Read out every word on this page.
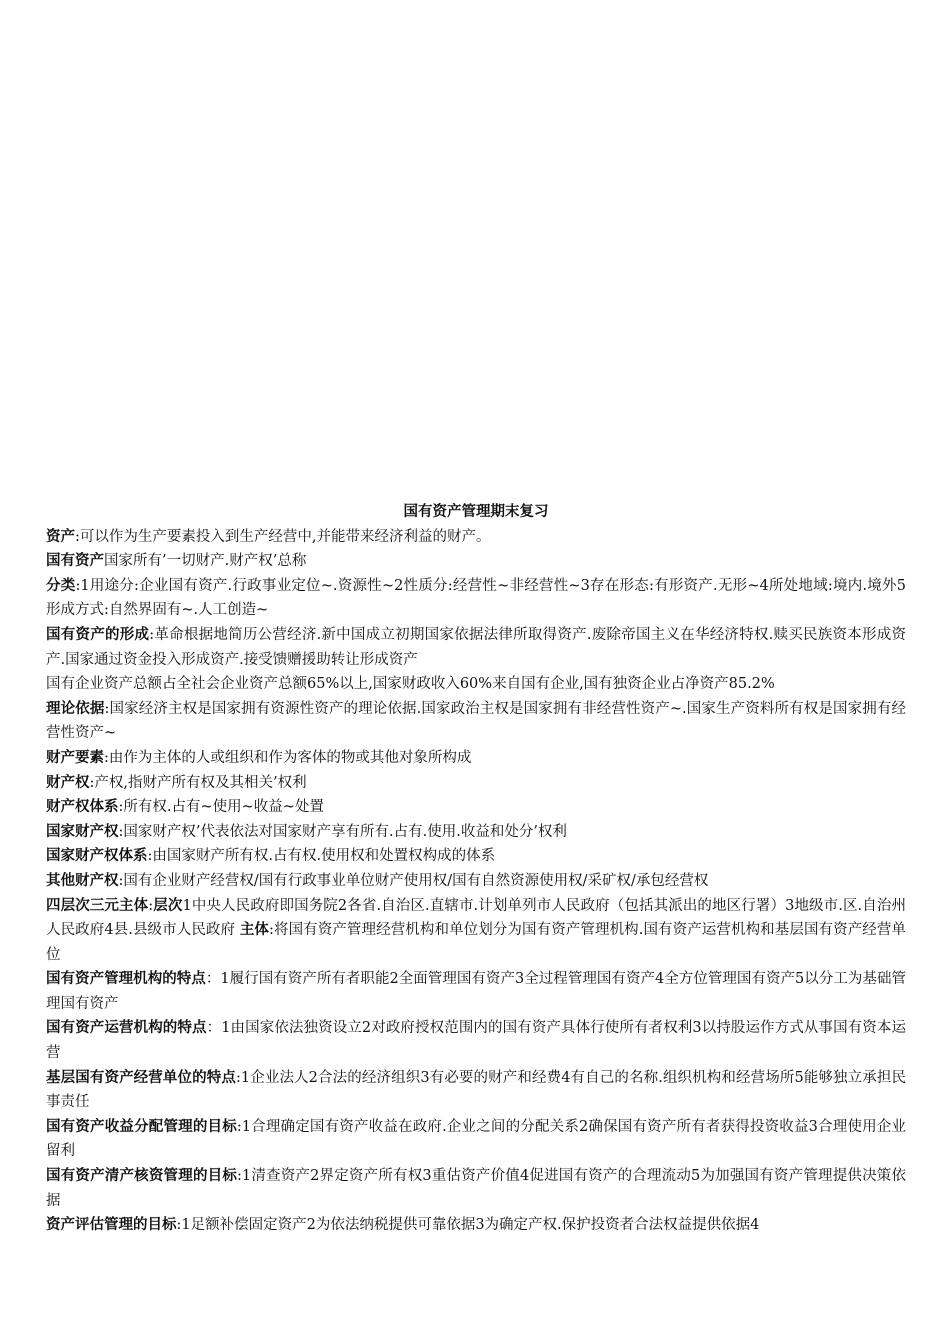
国有资产管理期末复习

资产:可以作为生产要素投入到生产经营中,并能带来经济利益的财产。

国有资产国家所有’一切财产.财产权’总称

分类:1用途分:企业国有资产.行政事业定位~.资源性~2性质分:经营性~非经营性~3存在形态:有形资产.无形~4所处地域:境内.境外5形成方式:自然界固有~.人工创造~

国有资产的形成:革命根据地简历公营经济.新中国成立初期国家依据法律所取得资产.废除帝国主义在华经济特权.赎买民族资本形成资产.国家通过资金投入形成资产.接受馈赠援助转让形成资产

国有企业资产总额占全社会企业资产总额65%以上,国家财政收入60%来自国有企业,国有独资企业占净资产85.2%

理论依据:国家经济主权是国家拥有资源性资产的理论依据.国家政治主权是国家拥有非经营性资产~.国家生产资料所有权是国家拥有经营性资产~

财产要素:由作为主体的人或组织和作为客体的物或其他对象所构成

财产权:产权,指财产所有权及其相关’权利

财产权体系:所有权.占有~使用~收益~处置

国家财产权:国家财产权’代表依法对国家财产享有所有.占有.使用.收益和处分’权利

国家财产权体系:由国家财产所有权.占有权.使用权和处置权构成的体系

其他财产权:国有企业财产经营权/国有行政事业单位财产使用权/国有自然资源使用权/采矿权/承包经营权

四层次三元主体:层次1中央人民政府即国务院2各省.自治区.直辖市.计划单列市人民政府（包括其派出的地区行署）3地级市.区.自治州人民政府4县.县级市人民政府 主体:将国有资产管理经营机构和单位划分为国有资产管理机构.国有资产运营机构和基层国有资产经营单位

国有资产管理机构的特点：1履行国有资产所有者职能2全面管理国有资产3全过程管理国有资产4全方位管理国有资产5以分工为基础管理国有资产

国有资产运营机构的特点：1由国家依法独资设立2对政府授权范围内的国有资产具体行使所有者权利3以持股运作方式从事国有资本运营

基层国有资产经营单位的特点:1企业法人2合法的经济组织3有必要的财产和经费4有自己的名称.组织机构和经营场所5能够独立承担民事责任

国有资产收益分配管理的目标:1合理确定国有资产收益在政府.企业之间的分配关系2确保国有资产所有者获得投资收益3合理使用企业留利

国有资产清产核资管理的目标:1清查资产2界定资产所有权3重估资产价值4促进国有资产的合理流动5为加强国有资产管理提供决策依据

资产评估管理的目标:1足额补偿固定资产2为依法纳税提供可靠依据3为确定产权.保护投资者合法权益提供依据4
